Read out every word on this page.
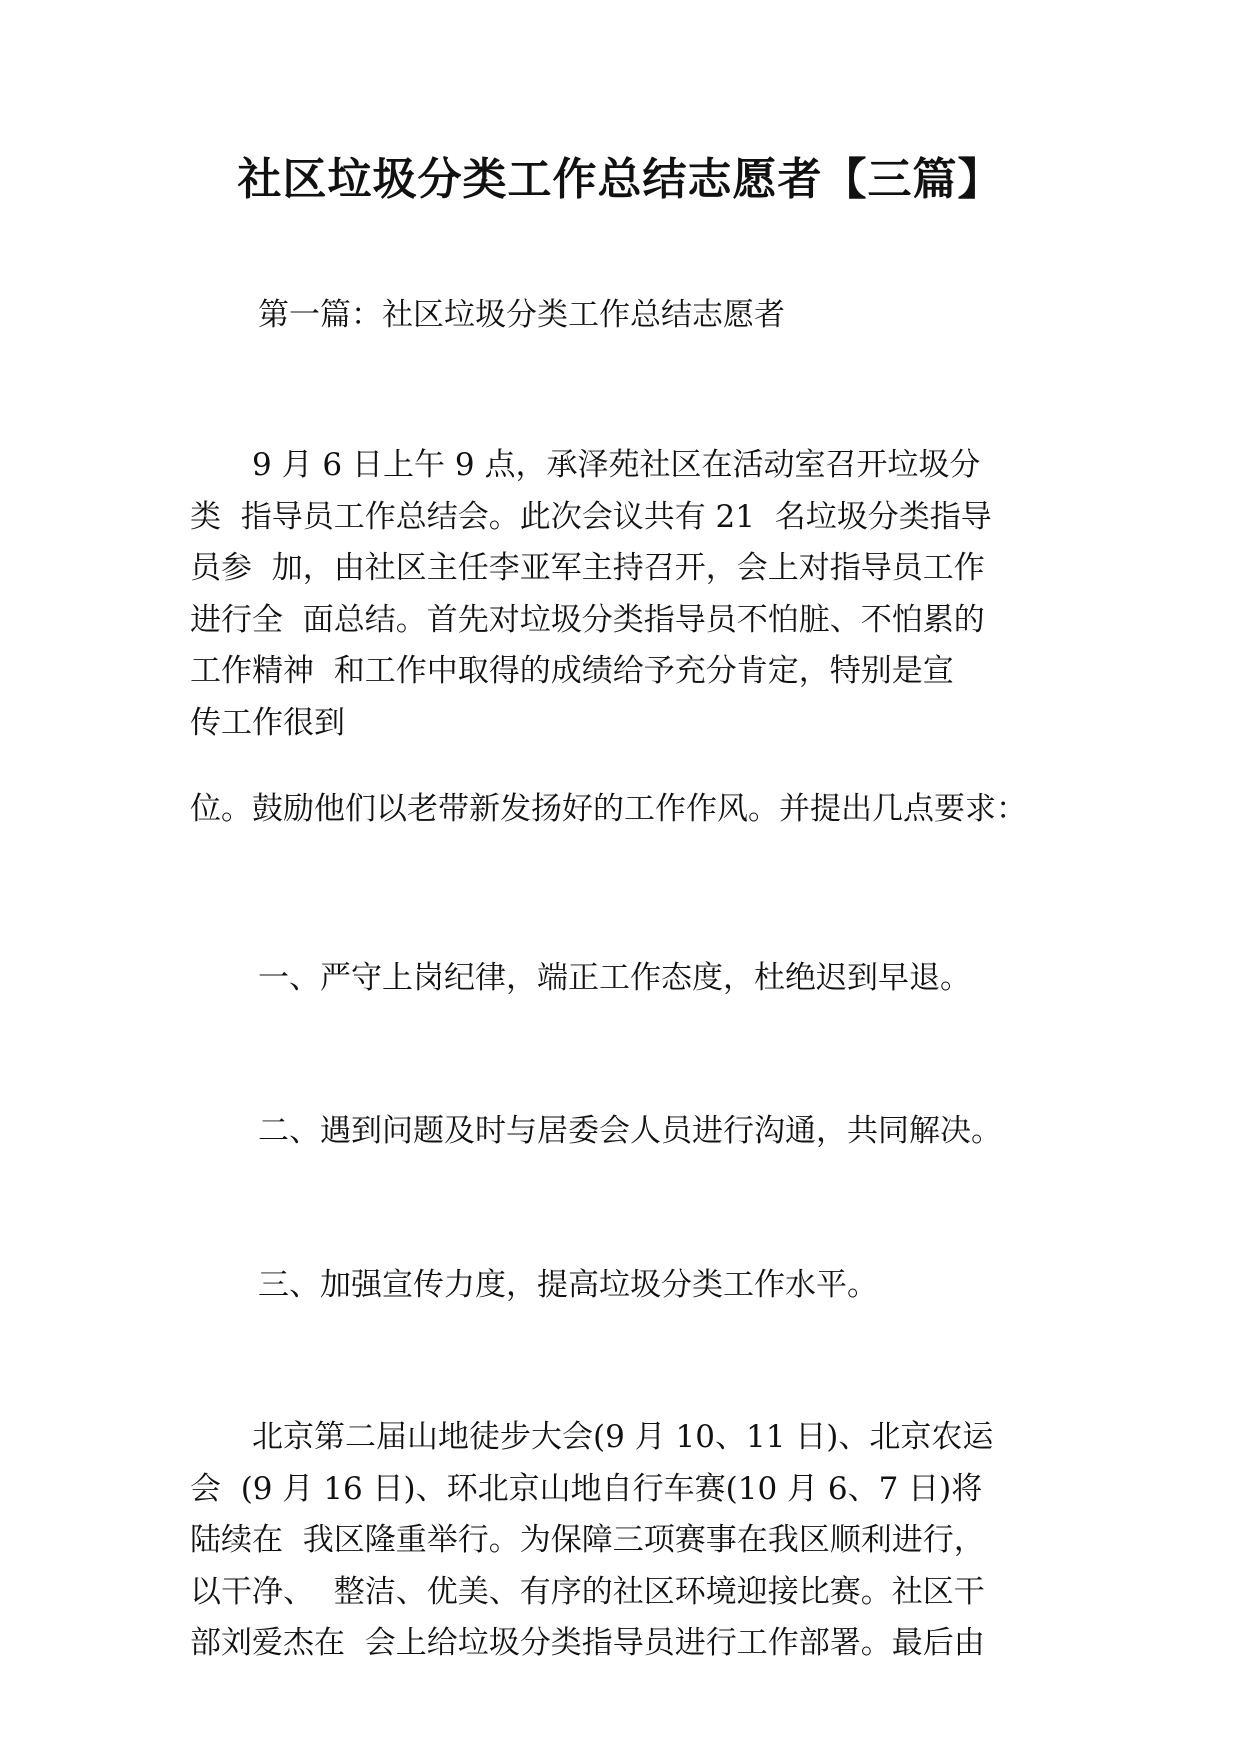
社区垃圾分类工作总结志愿者【三篇】
第一篇：社区垃圾分类工作总结志愿者
　　9 月 6 日上午 9 点，承泽苑社区在活动室召开垃圾分
类  指导员工作总结会。此次会议共有 21  名垃圾分类指导
员参  加，由社区主任李亚军主持召开，会上对指导员工作
进行全  面总结。首先对垃圾分类指导员不怕脏、不怕累的
工作精神  和工作中取得的成绩给予充分肯定，特别是宣
传工作很到
位。鼓励他们以老带新发扬好的工作作风。并提出几点要求：
一、严守上岗纪律，端正工作态度，杜绝迟到早退。
二、遇到问题及时与居委会人员进行沟通，共同解决。
三、加强宣传力度，提高垃圾分类工作水平。
　　北京第二届山地徒步大会(9 月 10、11 日)、北京农运
会  (9 月 16 日)、环北京山地自行车赛(10 月 6、7 日)将
陆续在  我区隆重举行。为保障三项赛事在我区顺利进行，
以干净、  整洁、优美、有序的社区环境迎接比赛。社区干
部刘爱杰在  会上给垃圾分类指导员进行工作部署。最后由
